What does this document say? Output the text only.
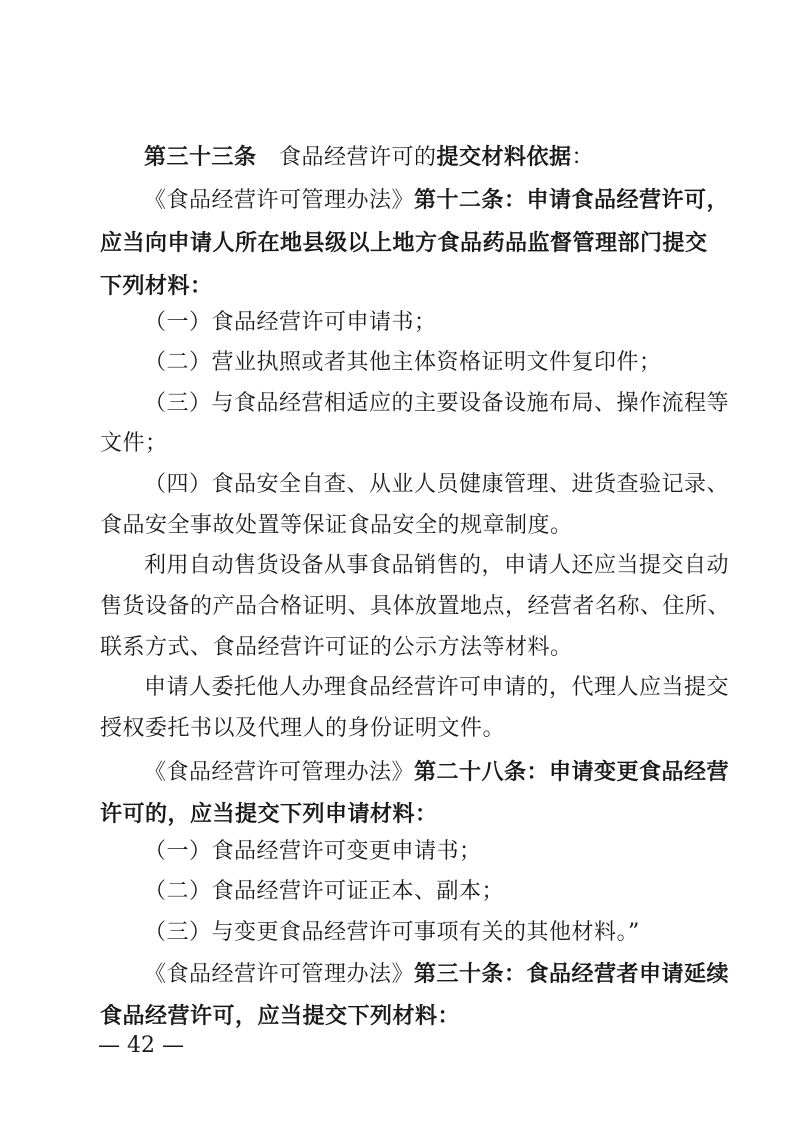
第三十三条　食品经营许可的提交材料依据：
《食品经营许可管理办法》第十二条：申请食品经营许可，
应当向申请人所在地县级以上地方食品药品监督管理部门提交
下列材料：
（一）食品经营许可申请书；
（二）营业执照或者其他主体资格证明文件复印件；
（三）与食品经营相适应的主要设备设施布局、操作流程等
文件；
（四）食品安全自查、从业人员健康管理、进货查验记录、
食品安全事故处置等保证食品安全的规章制度。
利用自动售货设备从事食品销售的，申请人还应当提交自动
售货设备的产品合格证明、具体放置地点，经营者名称、住所、
联系方式、食品经营许可证的公示方法等材料。
申请人委托他人办理食品经营许可申请的，代理人应当提交
授权委托书以及代理人的身份证明文件。
《食品经营许可管理办法》第二十八条：申请变更食品经营
许可的，应当提交下列申请材料：
（一）食品经营许可变更申请书；
（二）食品经营许可证正本、副本；
（三）与变更食品经营许可事项有关的其他材料。”
《食品经营许可管理办法》第三十条：食品经营者申请延续
食品经营许可，应当提交下列材料：
— 42 —
